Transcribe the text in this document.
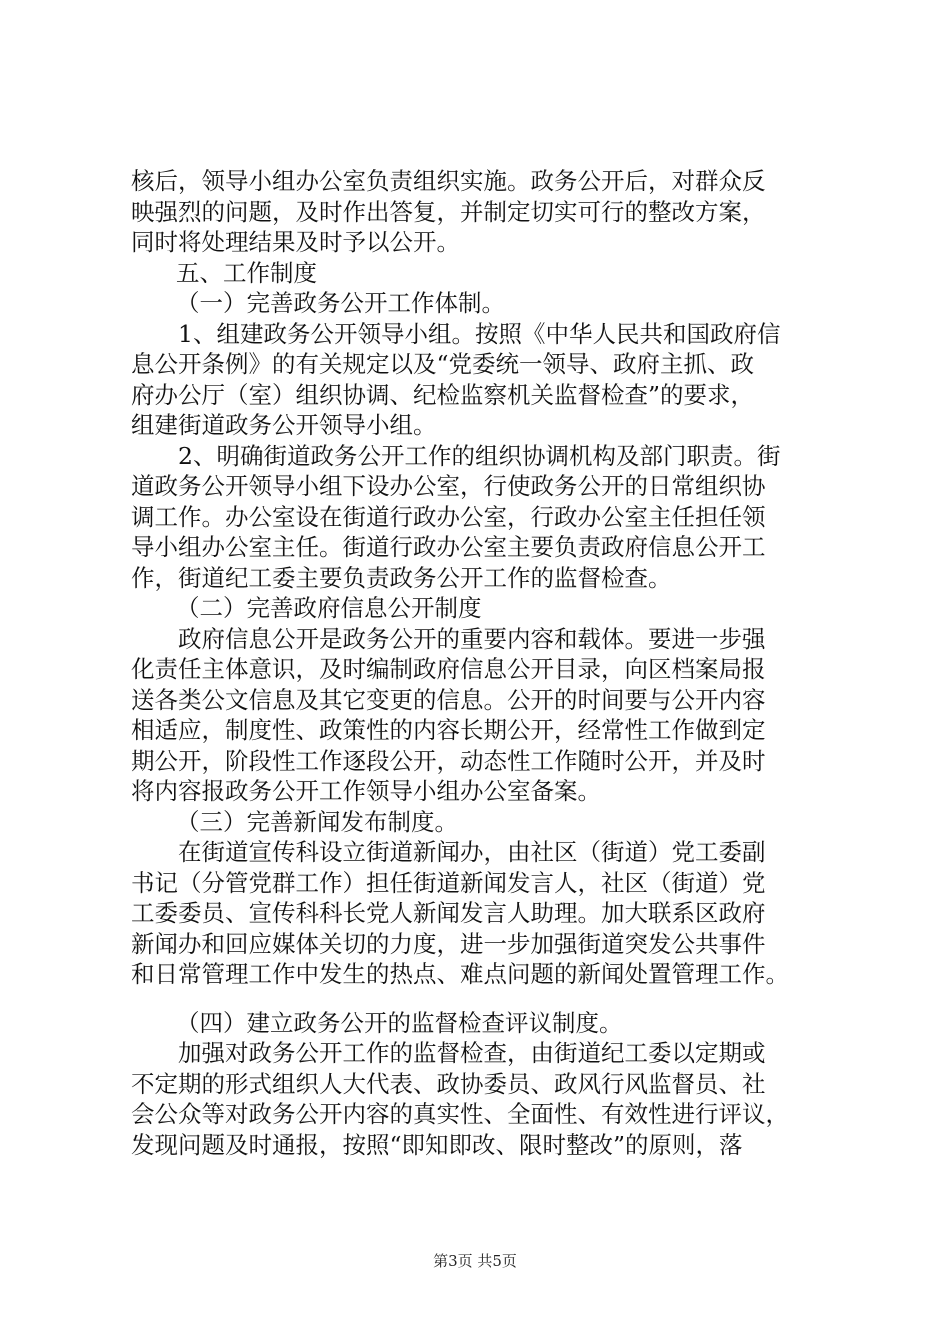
核后，领导小组办公室负责组织实施。政务公开后，对群众反
映强烈的问题，及时作出答复，并制定切实可行的整改方案，
同时将处理结果及时予以公开。
五、工作制度
（一）完善政务公开工作体制。
1、组建政务公开领导小组。按照《中华人民共和国政府信
息公开条例》的有关规定以及“党委统一领导、政府主抓、政
府办公厅（室）组织协调、纪检监察机关监督检查”的要求，
组建街道政务公开领导小组。
2、明确街道政务公开工作的组织协调机构及部门职责。街
道政务公开领导小组下设办公室，行使政务公开的日常组织协
调工作。办公室设在街道行政办公室，行政办公室主任担任领
导小组办公室主任。街道行政办公室主要负责政府信息公开工
作，街道纪工委主要负责政务公开工作的监督检查。
（二）完善政府信息公开制度
政府信息公开是政务公开的重要内容和载体。要进一步强
化责任主体意识，及时编制政府信息公开目录，向区档案局报
送各类公文信息及其它变更的信息。公开的时间要与公开内容
相适应，制度性、政策性的内容长期公开，经常性工作做到定
期公开，阶段性工作逐段公开，动态性工作随时公开，并及时
将内容报政务公开工作领导小组办公室备案。
（三）完善新闻发布制度。
在街道宣传科设立街道新闻办，由社区（街道）党工委副
书记（分管党群工作）担任街道新闻发言人，社区（街道）党
工委委员、宣传科科长党人新闻发言人助理。加大联系区政府
新闻办和回应媒体关切的力度，进一步加强街道突发公共事件
和日常管理工作中发生的热点、难点问题的新闻处置管理工作。
（四）建立政务公开的监督检查评议制度。
加强对政务公开工作的监督检查，由街道纪工委以定期或
不定期的形式组织人大代表、政协委员、政风行风监督员、社
会公众等对政务公开内容的真实性、全面性、有效性进行评议，
发现问题及时通报，按照“即知即改、限时整改”的原则，落
第3页 共5页
